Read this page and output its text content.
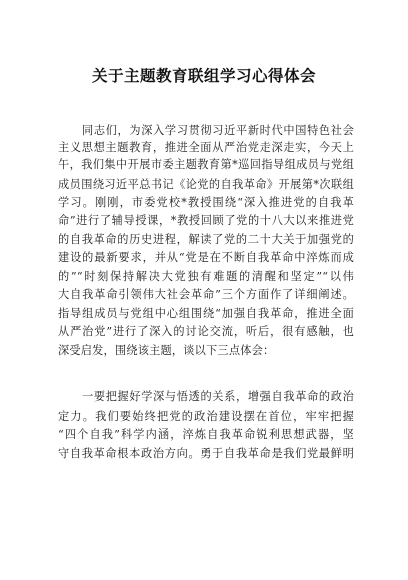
关于主题教育联组学习心得体会
同志们，为深入学习贯彻习近平新时代中国特色社会
主义思想主题教育，推进全面从严治党走深走实，今天上
午，我们集中开展市委主题教育第*巡回指导组成员与党组
成员围绕习近平总书记《论党的自我革命》开展第*次联组
学习。刚刚，市委党校*教授围绕“深入推进党的自我革
命”进行了辅导授课，*教授回顾了党的十八大以来推进党
的自我革命的历史进程，解读了党的二十大关于加强党的
建设的最新要求，并从“党是在不断自我革命中淬炼而成
的”“时刻保持解决大党独有难题的清醒和坚定”“以伟
大自我革命引领伟大社会革命”三个方面作了详细阐述。
指导组成员与党组中心组围绕“加强自我革命，推进全面
从严治党”进行了深入的讨论交流，听后，很有感触，也
深受启发，围绕该主题，谈以下三点体会：
一要把握好学深与悟透的关系，增强自我革命的政治
定力。我们要始终把党的政治建设摆在首位，牢牢把握
“四个自我”科学内涵，淬炼自我革命锐利思想武器，坚
守自我革命根本政治方向。勇于自我革命是我们党最鲜明
